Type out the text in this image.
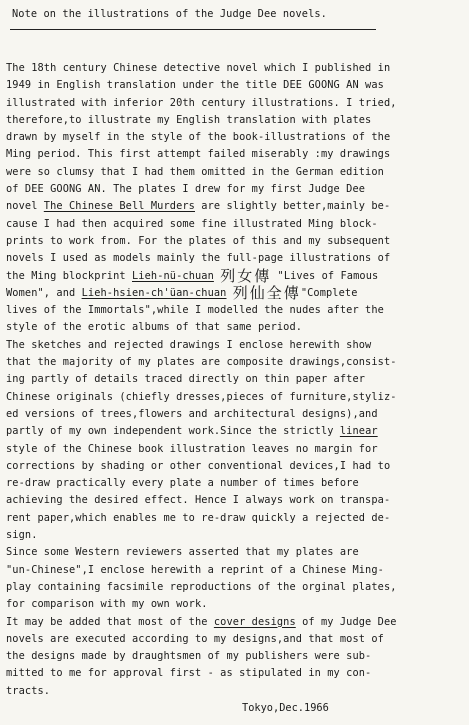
Note on the illustrations of the Judge Dee novels.
The 18th century Chinese detective novel which I published in
1949 in English translation under the title DEE GOONG AN was
illustrated with inferior 20th century illustrations. I tried,
therefore,to illustrate my English translation with plates
drawn by myself in the style of the book-illustrations of the
Ming period. This first attempt failed miserably :my drawings
were so clumsy that I had them omitted in the German edition
of DEE GOONG AN. The plates I drew for my first Judge Dee
novel The Chinese Bell Murders are slightly better,mainly be-
cause I had then acquired some fine illustrated Ming block-
prints to work from. For the plates of this and my subsequent
novels I used as models mainly the full-page illustrations of
the Ming blockprint Lieh-nü-chuan 列女傳 "Lives of Famous
Women", and Lieh-hsien-ch'üan-chuan 列仙全傳"Complete
lives of the Immortals",while I modelled the nudes after the
style of the erotic albums of that same period.
The sketches and rejected drawings I enclose herewith show
that the majority of my plates are composite drawings,consist-
ing partly of details traced directly on thin paper after
Chinese originals (chiefly dresses,pieces of furniture,styliz-
ed versions of trees,flowers and architectural designs),and
partly of my own independent work.Since the strictly linear
style of the Chinese book illustration leaves no margin for
corrections by shading or other conventional devices,I had to
re-draw practically every plate a number of times before
achieving the desired effect. Hence I always work on transpa-
rent paper,which enables me to re-draw quickly a rejected de-
sign.
Since some Western reviewers asserted that my plates are
"un-Chinese",I enclose herewith a reprint of a Chinese Ming-
play containing facsimile reproductions of the orginal plates,
for comparison with my own work.
It may be added that most of the cover designs of my Judge Dee
novels are executed according to my designs,and that most of
the designs made by draughtsmen of my publishers were sub-
mitted to me for approval first - as stipulated in my con-
tracts.
Tokyo,Dec.1966
